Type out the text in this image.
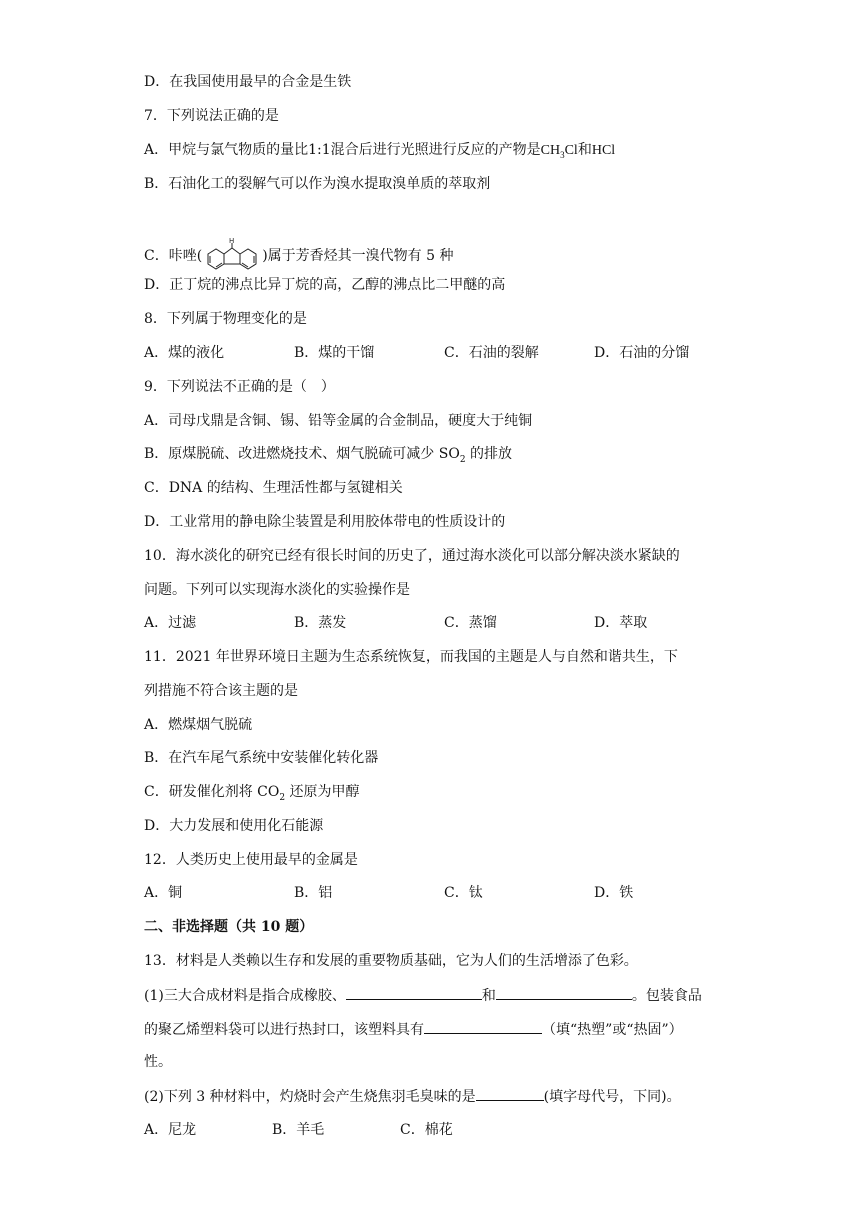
D．在我国使用最早的合金是生铁
7．下列说法正确的是
A．甲烷与氯气物质的量比1:1混合后进行光照进行反应的产物是$CH_3Cl$和HCl
B．石油化工的裂解气可以作为溴水提取溴单质的萃取剂
C．咔唑(
H
)属于芳香烃其一溴代物有 5 种
D．正丁烷的沸点比异丁烷的高，乙醇的沸点比二甲醚的高
8．下列属于物理变化的是
A．煤的液化	B．煤的干馏	C．石油的裂解	D．石油的分馏
9．下列说法不正确的是（　）
A．司母戊鼎是含铜、锡、铅等金属的合金制品，硬度大于纯铜
B．原煤脱硫、改进燃烧技术、烟气脱硫可减少 $SO_2$ 的排放
C．DNA 的结构、生理活性都与氢键相关
D．工业常用的静电除尘装置是利用胶体带电的性质设计的
10．海水淡化的研究已经有很长时间的历史了，通过海水淡化可以部分解决淡水紧缺的
问题。下列可以实现海水淡化的实验操作是
A．过滤	B．蒸发	C．蒸馏	D．萃取
11．2021 年世界环境日主题为生态系统恢复，而我国的主题是人与自然和谐共生，下
列措施不符合该主题的是
A．燃煤烟气脱硫
B．在汽车尾气系统中安装催化转化器
C．研发催化剂将 $CO_2$ 还原为甲醇
D．大力发展和使用化石能源
12．人类历史上使用最早的金属是
A．铜	B．铝	C．钛	D．铁
二、非选择题（共 10 题）
13．材料是人类赖以生存和发展的重要物质基础，它为人们的生活增添了色彩。
(1)三大合成材料是指合成橡胶、	和	。包装食品
的聚乙烯塑料袋可以进行热封口，该塑料具有	（填“热塑”或“热固”）
性。
(2)下列 3 种材料中，灼烧时会产生烧焦羽毛臭味的是	(填字母代号，下同)。
A．尼龙	B．羊毛	C．棉花
